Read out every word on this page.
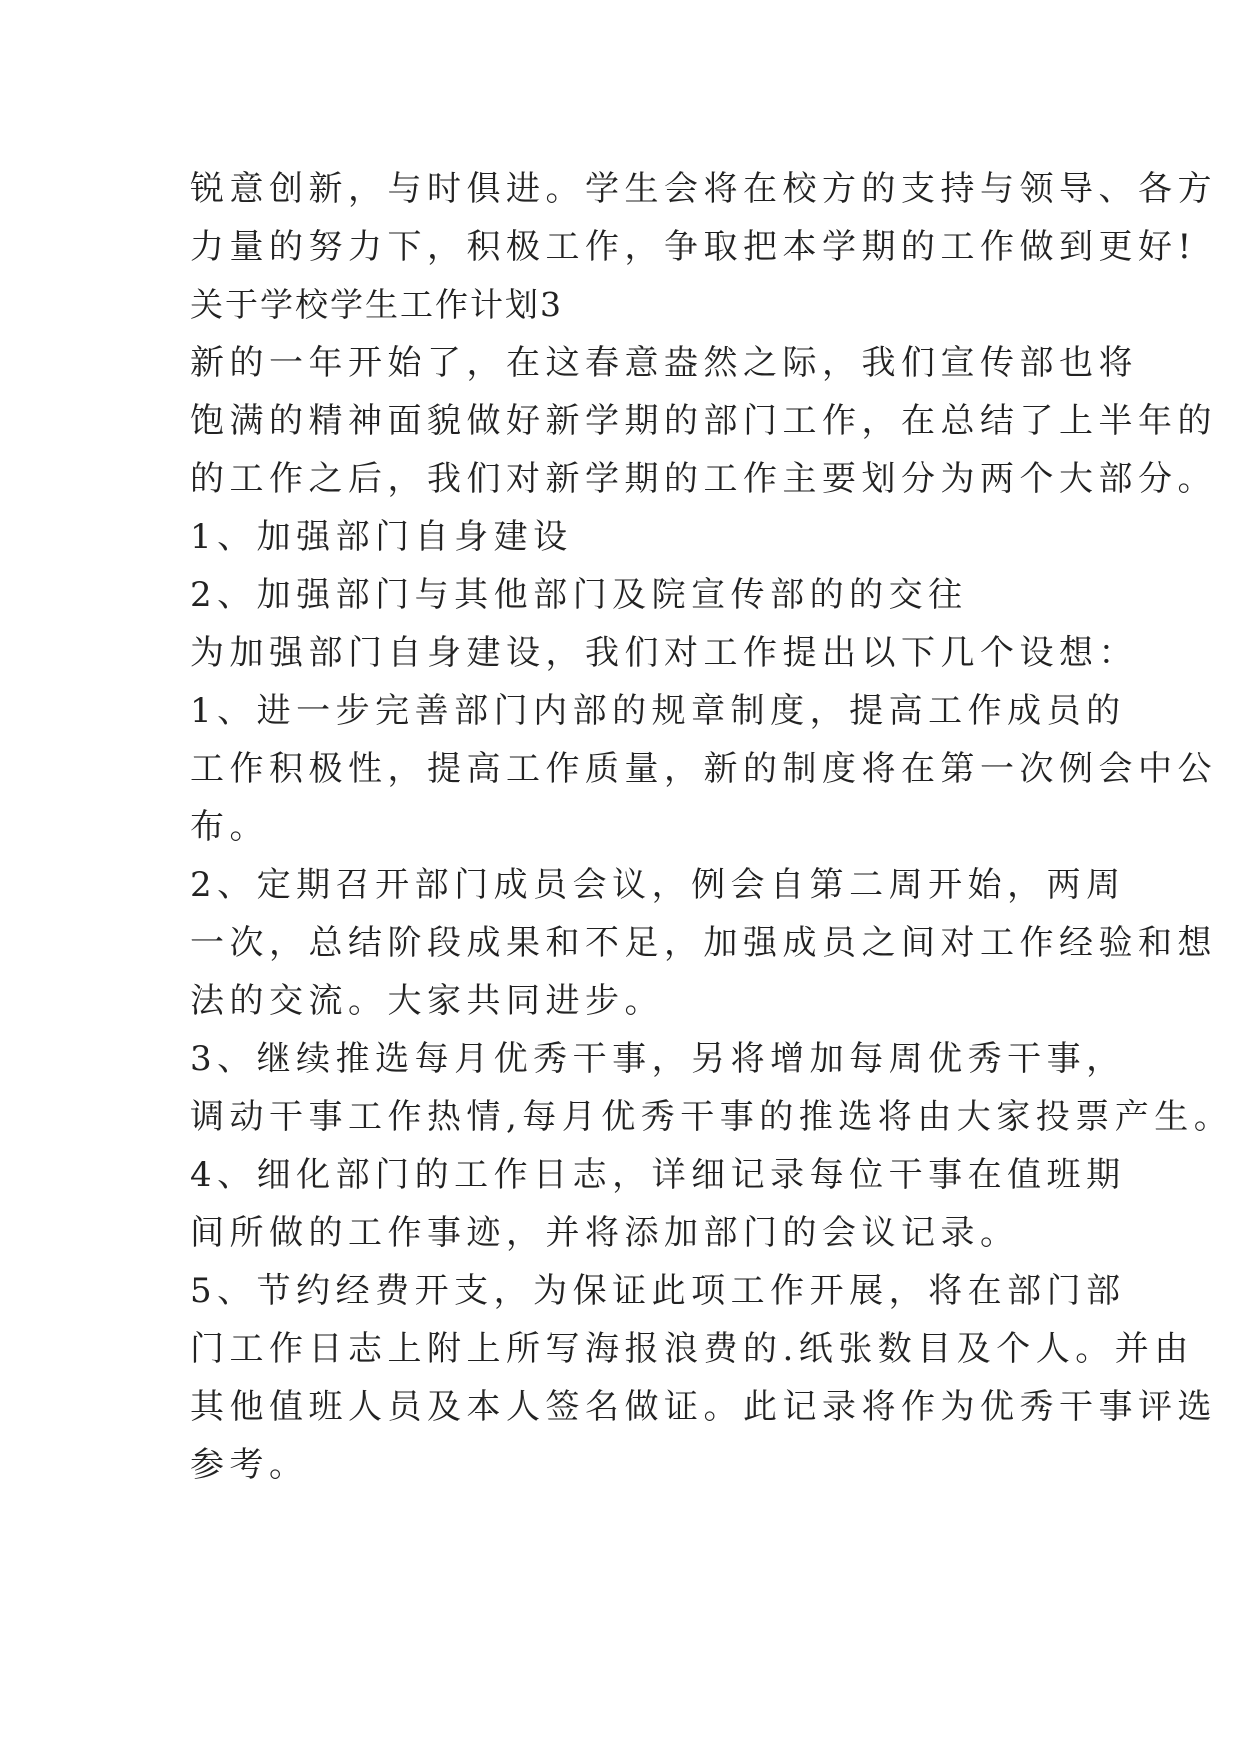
锐意创新，与时俱进。学生会将在校方的支持与领导、各方

力量的努力下，积极工作，争取把本学期的工作做到更好!

关于学校学生工作计划3

新的一年开始了，在这春意盎然之际，我们宣传部也将

饱满的精神面貌做好新学期的部门工作，在总结了上半年的

的工作之后，我们对新学期的工作主要划分为两个大部分。

1、加强部门自身建设

2、加强部门与其他部门及院宣传部的的交往

为加强部门自身建设，我们对工作提出以下几个设想：

1、进一步完善部门内部的规章制度，提高工作成员的

工作积极性，提高工作质量，新的制度将在第一次例会中公

布。

2、定期召开部门成员会议，例会自第二周开始，两周

一次，总结阶段成果和不足，加强成员之间对工作经验和想

法的交流。大家共同进步。

3、继续推选每月优秀干事，另将增加每周优秀干事，

调动干事工作热情,每月优秀干事的推选将由大家投票产生。

4、细化部门的工作日志，详细记录每位干事在值班期

间所做的工作事迹，并将添加部门的会议记录。

5、节约经费开支，为保证此项工作开展，将在部门部

门工作日志上附上所写海报浪费的.纸张数目及个人。并由

其他值班人员及本人签名做证。此记录将作为优秀干事评选

参考。
